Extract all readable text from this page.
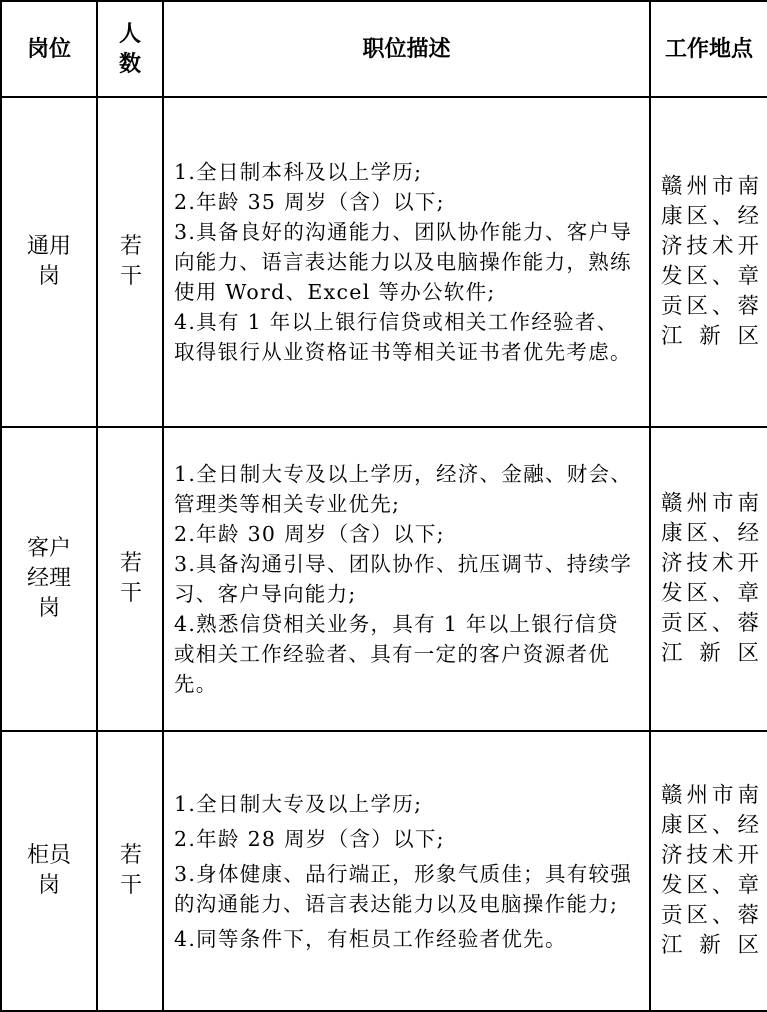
岗位	人数	职位描述	工作地点
通用岗	若干	1.全日制本科及以上学历;
2.年龄 35 周岁（含）以下;
3.具备良好的沟通能力、团队协作能力、客户导向能力、语言表达能力以及电脑操作能力，熟练使用 Word、Excel 等办公软件;
4.具有 1 年以上银行信贷或相关工作经验者、取得银行从业资格证书等相关证书者优先考虑。	赣州市南康区、经济技术开发区、章贡区、蓉江新区
客户经理岗	若干	1.全日制大专及以上学历，经济、金融、财会、管理类等相关专业优先;
2.年龄 30 周岁（含）以下;
3.具备沟通引导、团队协作、抗压调节、持续学习、客户导向能力;
4.熟悉信贷相关业务，具有 1 年以上银行信贷或相关工作经验者、具有一定的客户资源者优先。	赣州市南康区、经济技术开发区、章贡区、蓉江新区
柜员岗	若干	1.全日制大专及以上学历;
2.年龄 28 周岁（含）以下;
3.身体健康、品行端正，形象气质佳；具有较强的沟通能力、语言表达能力以及电脑操作能力;
4.同等条件下，有柜员工作经验者优先。	赣州市南康区、经济技术开发区、章贡区、蓉江新区
